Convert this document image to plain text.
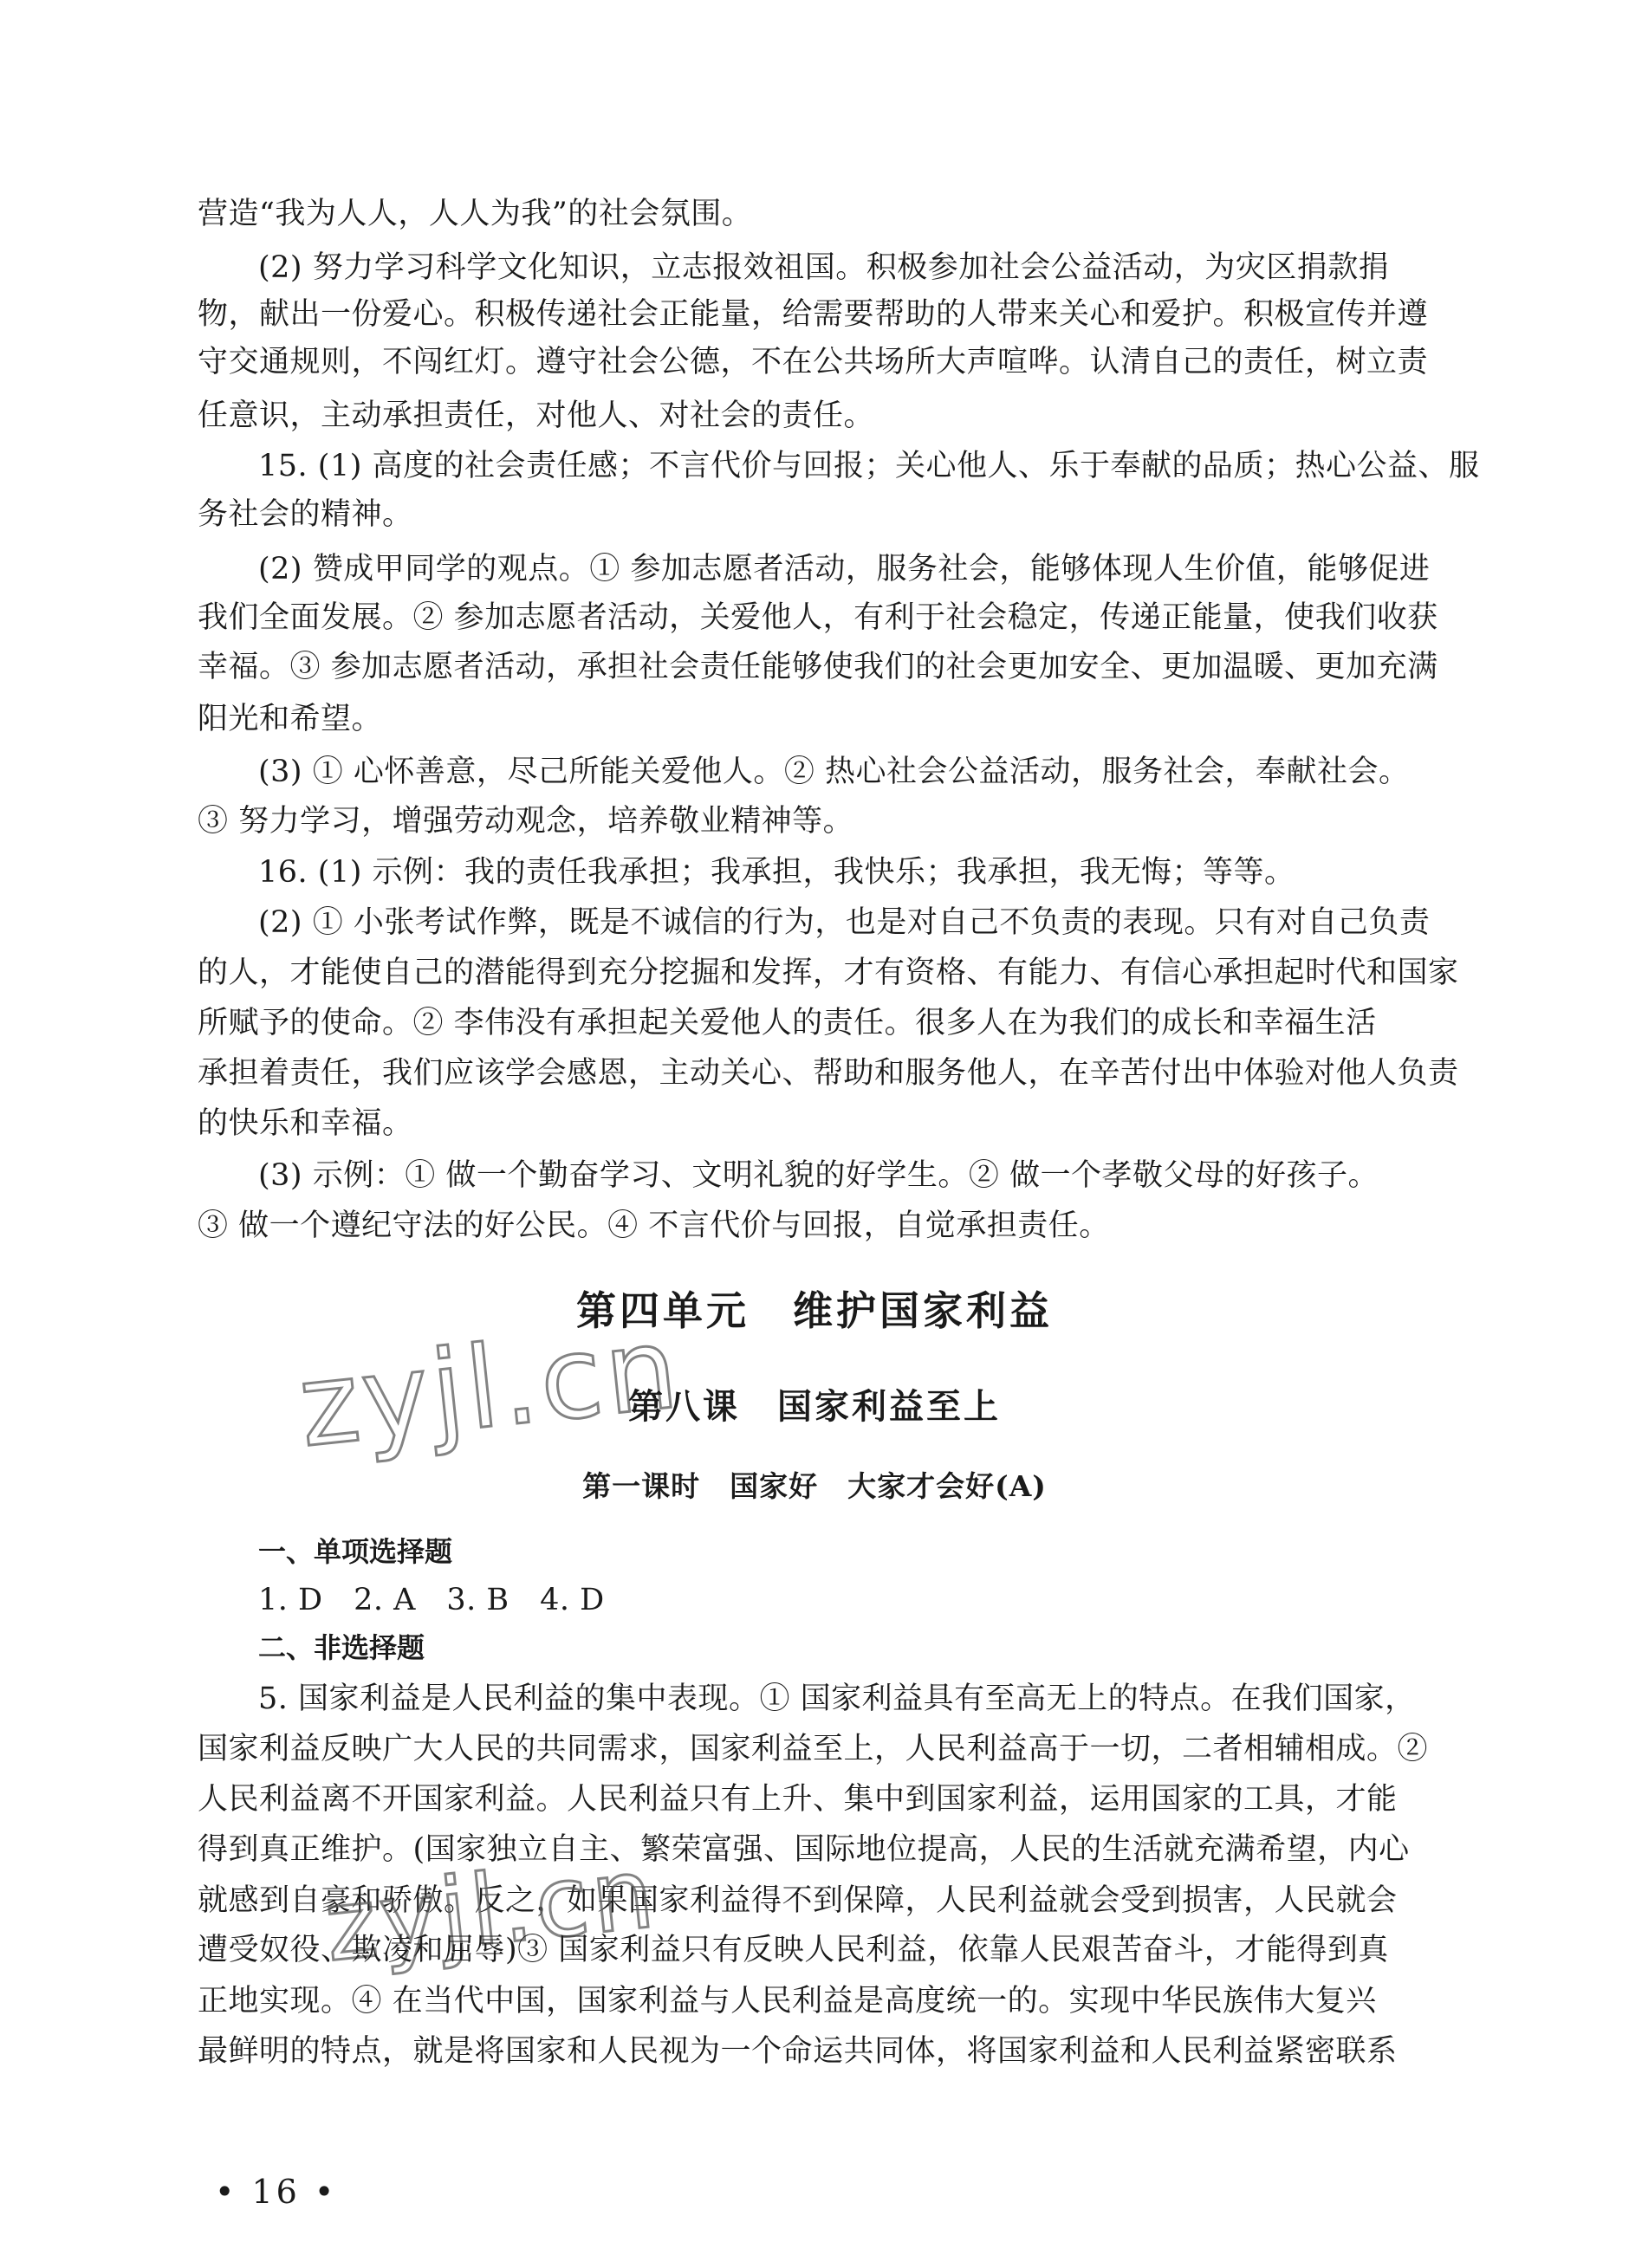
营造“我为人人，人人为我”的社会氛围。
(2) 努力学习科学文化知识，立志报效祖国。积极参加社会公益活动，为灾区捐款捐
物，献出一份爱心。积极传递社会正能量，给需要帮助的人带来关心和爱护。积极宣传并遵
守交通规则，不闯红灯。遵守社会公德，不在公共场所大声喧哗。认清自己的责任，树立责
任意识，主动承担责任，对他人、对社会的责任。
15. (1) 高度的社会责任感；不言代价与回报；关心他人、乐于奉献的品质；热心公益、服
务社会的精神。
(2) 赞成甲同学的观点。① 参加志愿者活动，服务社会，能够体现人生价值，能够促进
我们全面发展。② 参加志愿者活动，关爱他人，有利于社会稳定，传递正能量，使我们收获
幸福。③ 参加志愿者活动，承担社会责任能够使我们的社会更加安全、更加温暖、更加充满
阳光和希望。
(3) ① 心怀善意，尽己所能关爱他人。② 热心社会公益活动，服务社会，奉献社会。
③ 努力学习，增强劳动观念，培养敬业精神等。
16. (1) 示例：我的责任我承担；我承担，我快乐；我承担，我无悔；等等。
(2) ① 小张考试作弊，既是不诚信的行为，也是对自己不负责的表现。只有对自己负责
的人，才能使自己的潜能得到充分挖掘和发挥，才有资格、有能力、有信心承担起时代和国家
所赋予的使命。② 李伟没有承担起关爱他人的责任。很多人在为我们的成长和幸福生活
承担着责任，我们应该学会感恩，主动关心、帮助和服务他人，在辛苦付出中体验对他人负责
的快乐和幸福。
(3) 示例：① 做一个勤奋学习、文明礼貌的好学生。② 做一个孝敬父母的好孩子。
③ 做一个遵纪守法的好公民。④ 不言代价与回报，自觉承担责任。
第四单元　维护国家利益
zyjl.cn
第八课　国家利益至上
第一课时　国家好　大家才会好(A)
一、单项选择题
1. D　2. A　3. B　4. D
二、非选择题
5. 国家利益是人民利益的集中表现。① 国家利益具有至高无上的特点。在我们国家，
国家利益反映广大人民的共同需求，国家利益至上，人民利益高于一切，二者相辅相成。②
人民利益离不开国家利益。人民利益只有上升、集中到国家利益，运用国家的工具，才能
得到真正维护。(国家独立自主、繁荣富强、国际地位提高，人民的生活就充满希望，内心
就感到自豪和骄傲。反之，如果国家利益得不到保障，人民利益就会受到损害，人民就会
zyjl.cn
遭受奴役、欺凌和屈辱)③ 国家利益只有反映人民利益，依靠人民艰苦奋斗，才能得到真
正地实现。④ 在当代中国，国家利益与人民利益是高度统一的。实现中华民族伟大复兴
最鲜明的特点，就是将国家和人民视为一个命运共同体，将国家利益和人民利益紧密联系
• 16 •
